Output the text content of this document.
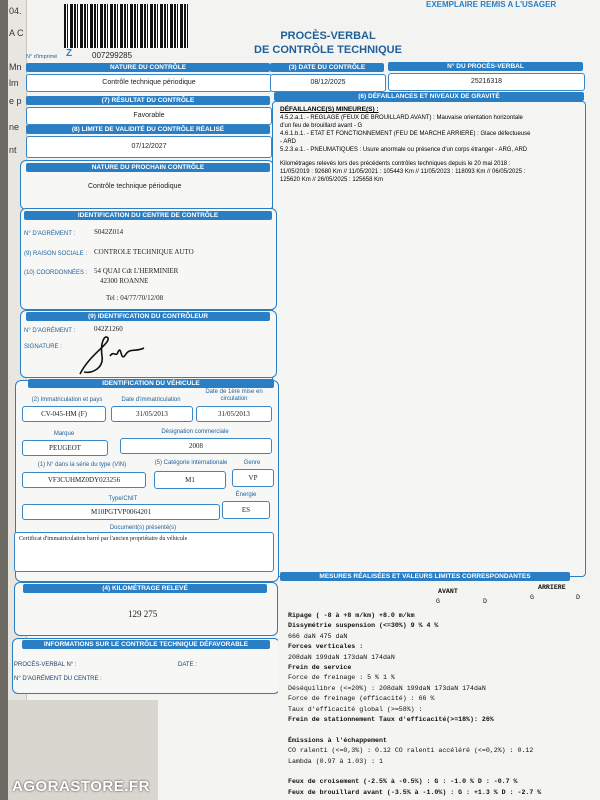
04.
A C
Mn
lm
e p
ne
nt
N° d'imprimé Z 007299285
EXEMPLAIRE REMIS A L'USAGER
PROCÈS-VERBAL
DE CONTRÔLE TECHNIQUE
NATURE DU CONTRÔLE
Contrôle technique périodique
(3) DATE DU CONTRÔLE
08/12/2025
N° DU PROCÈS-VERBAL
25216318
(7) RÉSULTAT DU CONTRÔLE
Favorable
(8) LIMITE DE VALIDITÉ DU CONTRÔLE RÉALISÉ
07/12/2027
NATURE DU PROCHAIN CONTRÔLE
Contrôle technique périodique
(6) DÉFAILLANCES ET NIVEAUX DE GRAVITÉ
DÉFAILLANCE(S) MINEURE(S) :
4.5.2.a.1. - REGLAGE (FEUX DE BROUILLARD AVANT) : Mauvaise orientation horizontale
d'un feu de brouillard avant - G
4.6.1.b.1. - ETAT ET FONCTIONNEMENT (FEU DE MARCHE ARRIERE) : Glace défectueuse
- ARD
5.2.3.e.1. - PNEUMATIQUES : Usure anormale ou présence d'un corps étranger - ARG, ARD
Kilométrages relevés lors des précédents contrôles techniques depuis le 20 mai 2018 :
11/05/2019 : 92680 Km // 11/05/2021 : 105443 Km // 11/05/2023 : 118093 Km // 06/05/2025 :
125620 Km // 26/05/2025 : 125658 Km
IDENTIFICATION DU CENTRE DE CONTRÔLE
N° D'AGRÉMENT :	S042Z014
(9) RAISON SOCIALE : CONTROLE TECHNIQUE AUTO
(10) COORDONNÉES : 54 QUAI Cdt L'HERMINIER
42300 ROANNE
Tel : 04/77/70/12/08
(9) IDENTIFICATION DU CONTRÔLEUR
N° D'AGRÉMENT :	042Z1260
SIGNATURE :
IDENTIFICATION DU VÉHICULE
(2) Immatriculation et pays
CV-045-HM (F)
Date d'immatriculation
31/05/2013
Date de 1ère mise en circulation
31/05/2013
Marque
PEUGEOT
Désignation commerciale
2008
(1) N° dans la série du type (VIN)
VF3CUHMZ0DY023256
(5) Catégorie internationale
M1
Genre
VP
Type/CNIT
M10PGTVP0064201
Énergie
ES
Document(s) présenté(s)
Certificat d'immatriculation barré par l'ancien propriétaire du véhicule
(4) KILOMÉTRAGE RELEVÉ
129 275
INFORMATIONS SUR LE CONTRÔLE TECHNIQUE DÉFAVORABLE
PROCÈS-VERBAL N° :	DATE :
N° D'AGRÉMENT DU CENTRE :
MESURES RÉALISÉES ET VALEURS LIMITES CORRESPONDANTES
AVANT
ARRIERE
G	D
G	D
AGORASTORE.FR
Ripage ( -8 à +8 m/km) +8.0 m/km
Dissymétrie suspension (<=30%) 9 % 4 %
666 daN 475 daN
Forces verticales :
208daN 199daN 173daN 174daN
Frein de service
Force de freinage : 5 % 1 %
Déséquilibre (<=20%) : 208daN 199daN 173daN 174daN
Force de freinage (efficacité) : 66 %
Taux d'efficacité global (>=58%) :
Frein de stationnement Taux d'efficacité(>=18%): 26%
Émissions à l'échappement
CO ralenti (<=0,3%) : 0.12 CO ralenti accéléré (<=0,2%) : 0.12
Lambda (0.97 à 1.03) : 1
Feux de croisement (-2.5% à -0.5%) : G : -1.0 % D : -0.7 %
Feux de brouillard avant (-3.5% à -1.0%) : G : +1.3 % D : -2.7 %
